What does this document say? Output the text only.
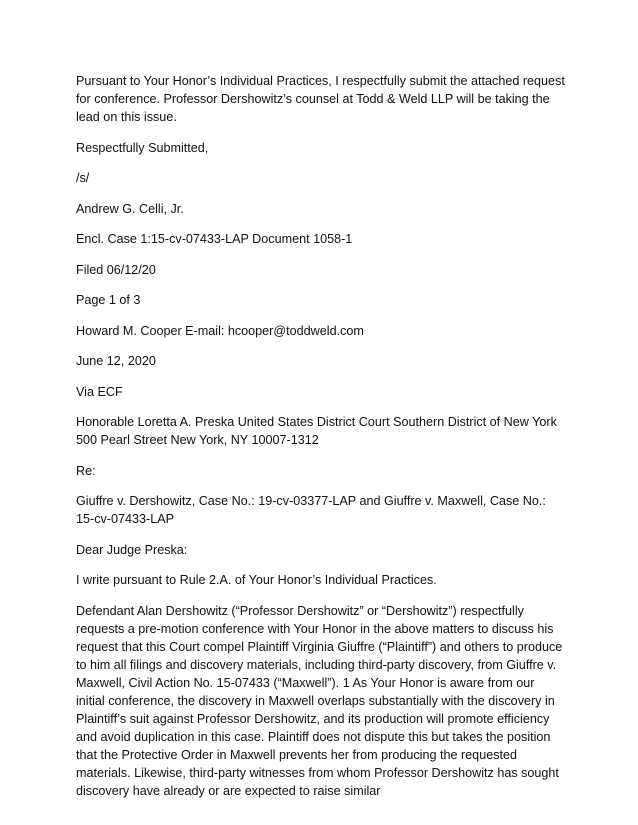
Pursuant to Your Honor’s Individual Practices, I respectfully submit the attached request for conference. Professor Dershowitz’s counsel at Todd & Weld LLP will be taking the lead on this issue.

Respectfully Submitted,

/s/

Andrew G. Celli, Jr.

Encl. Case 1:15-cv-07433-LAP Document 1058-1

Filed 06/12/20

Page 1 of 3

Howard M. Cooper E-mail: hcooper@toddweld.com

June 12, 2020

Via ECF

Honorable Loretta A. Preska United States District Court Southern District of New York 500 Pearl Street New York, NY 10007-1312

Re:

Giuffre v. Dershowitz, Case No.: 19-cv-03377-LAP and Giuffre v. Maxwell, Case No.: 15-cv-07433-LAP

Dear Judge Preska:

I write pursuant to Rule 2.A. of Your Honor’s Individual Practices.

Defendant Alan Dershowitz (“Professor Dershowitz” or “Dershowitz”) respectfully requests a pre-motion conference with Your Honor in the above matters to discuss his request that this Court compel Plaintiff Virginia Giuffre (“Plaintiff”) and others to produce to him all filings and discovery materials, including third-party discovery, from Giuffre v. Maxwell, Civil Action No. 15-07433 (“Maxwell”). 1 As Your Honor is aware from our initial conference, the discovery in Maxwell overlaps substantially with the discovery in Plaintiff’s suit against Professor Dershowitz, and its production will promote efficiency and avoid duplication in this case. Plaintiff does not dispute this but takes the position that the Protective Order in Maxwell prevents her from producing the requested materials. Likewise, third-party witnesses from whom Professor Dershowitz has sought discovery have already or are expected to raise similar
